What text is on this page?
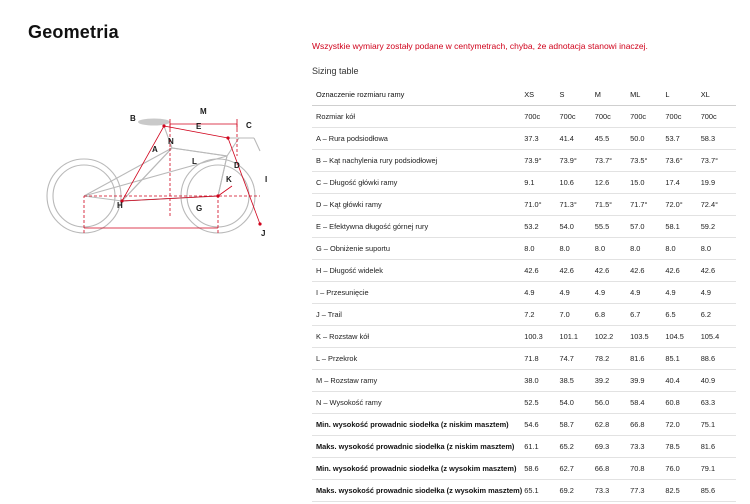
Geometria
M
B
E	C
A
N
L	D
K	I
H	G
J
Wszystkie wymiary zostały podane w centymetrach, chyba, że adnotacja stanowi inaczej.
Sizing table
Oznaczenie rozmiaru ramy	XS	S	M	ML	L	XL
Rozmiar kół	700c	700c	700c	700c	700c	700c
A – Rura podsiodłowa	37.3	41.4	45.5	50.0	53.7	58.3
B – Kąt nachylenia rury podsiodłowej	73.9°	73.9°	73.7°	73.5°	73.6°	73.7°
C – Długość główki ramy	9.1	10.6	12.6	15.0	17.4	19.9
D – Kąt główki ramy	71.0°	71.3°	71.5°	71.7°	72.0°	72.4°
E – Efektywna długość górnej rury	53.2	54.0	55.5	57.0	58.1	59.2
G – Obniżenie suportu	8.0	8.0	8.0	8.0	8.0	8.0
H – Długość widelek	42.6	42.6	42.6	42.6	42.6	42.6
I – Przesunięcie	4.9	4.9	4.9	4.9	4.9	4.9
J – Trail	7.2	7.0	6.8	6.7	6.5	6.2
K – Rozstaw kół	100.3	101.1	102.2	103.5	104.5	105.4
L – Przekrok	71.8	74.7	78.2	81.6	85.1	88.6
M – Rozstaw ramy	38.0	38.5	39.2	39.9	40.4	40.9
N – Wysokość ramy	52.5	54.0	56.0	58.4	60.8	63.3
Min. wysokość prowadnic siodełka (z niskim masztem)	54.6	58.7	62.8	66.8	72.0	75.1
Maks. wysokość prowadnic siodełka (z niskim masztem)	61.1	65.2	69.3	73.3	78.5	81.6
Min. wysokość prowadnic siodełka (z wysokim masztem)	58.6	62.7	66.8	70.8	76.0	79.1
Maks. wysokość prowadnic siodełka (z wysokim masztem)	65.1	69.2	73.3	77.3	82.5	85.6
